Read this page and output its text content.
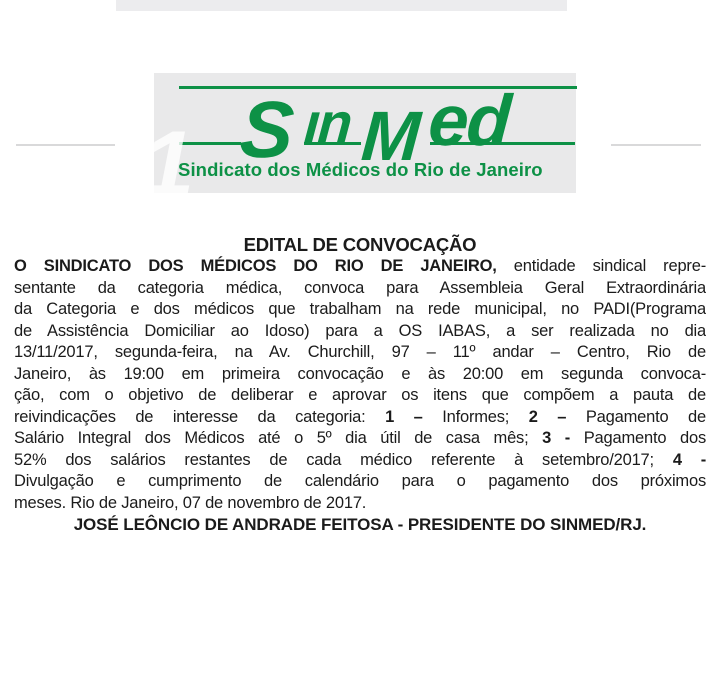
1 S ın M ed
Sindicato dos Médicos do Rio de Janeiro
EDITAL DE CONVOCAÇÃO
O SINDICATO DOS MÉDICOS DO RIO DE JANEIRO, entidade sindical repre-
sentante da categoria médica, convoca para Assembleia Geral Extraordinária
da Categoria e dos médicos que trabalham na rede municipal, no PADI(Programa
de Assistência Domiciliar ao Idoso) para a OS IABAS, a ser realizada no dia
13/11/2017, segunda-feira, na Av. Churchill, 97 – 11º andar – Centro, Rio de
Janeiro, às 19:00 em primeira convocação e às 20:00 em segunda convoca-
ção, com o objetivo de deliberar e aprovar os itens que compõem a pauta de
reivindicações de interesse da categoria: 1 – Informes; 2 – Pagamento de
Salário Integral dos Médicos até o 5º dia útil de casa mês; 3 - Pagamento dos
52% dos salários restantes de cada médico referente à setembro/2017; 4 -
Divulgação e cumprimento de calendário para o pagamento dos próximos
meses. Rio de Janeiro, 07 de novembro de 2017.
JOSÉ LEÔNCIO DE ANDRADE FEITOSA - PRESIDENTE DO SINMED/RJ.
